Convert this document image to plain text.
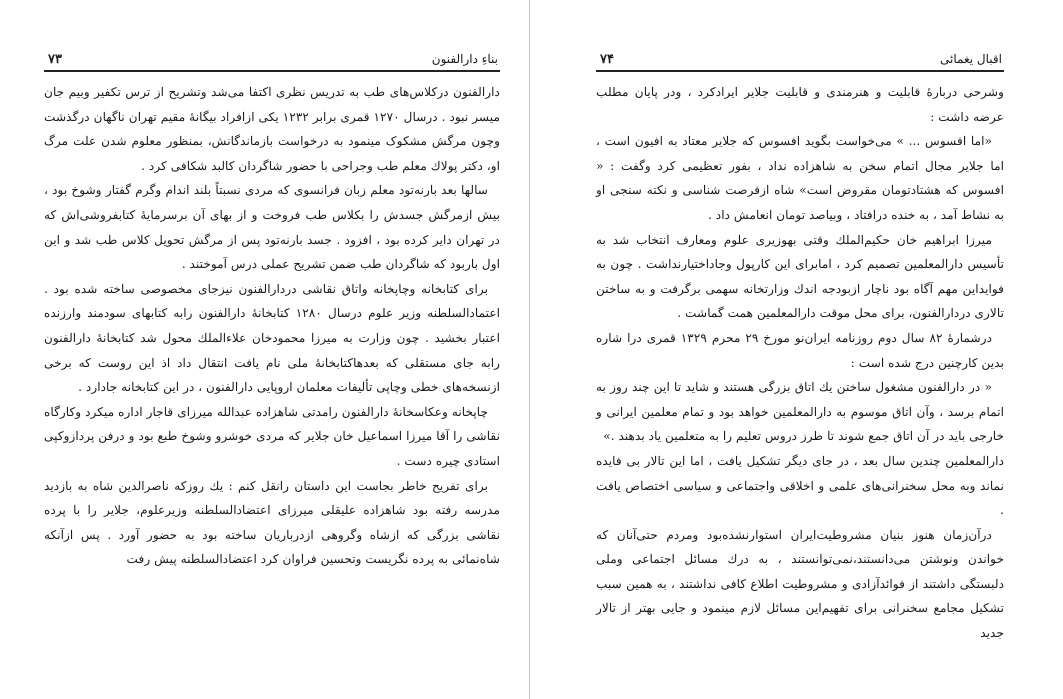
بناءِ دارالفنون
۷۳

دارالفنون درکلاس‌های طب به تدریس نظری اکتفا می‌شد وتشریح از ترس تکفیر وبیم جان میسر نبود . درسال ۱۲۷۰ قمری برابر ۱۲۳۲ یکی ازافراد بیگانهٔ مقیم تهران ناگهان درگذشت وچون مرگش مشکوک مینمود به درخواست بازماندگانش، بمنظور معلوم شدن علت مرگ او، دکتر پولاك معلم طب وجراحی با حضور شاگردان کالبد شکافی کرد .

سالها بعد بارنه‌تود معلم زبان فرانسوی که مردی نسبتاً بلند اندام وگرم گفتار وشوخ بود ، بیش ازمرگش جسدش را بکلاس طب فروخت و از بهای آن برسرمایهٔ کتابفروشی‌اش که در تهران دایر کرده بود ، افزود . جسد بارنه‌تود پس از مرگش تحویل کلاس طب شد و این اول باربود که شاگردان طب ضمن تشریح عملی درس آموختند .

برای کتابخانه وچاپخانه واتاق نقاشی دردارالفنون نیزجای مخصوصی ساخته شده بود . اعتمادالسلطنه وزیر علوم درسال ۱۲۸۰ کتابخانهٔ دارالفنون رابه کتابهای سودمند وارزنده اعتبار بخشید . چون وزارت به میرزا محمودخان علاءالملك محول شد کتابخانهٔ دارالفنون رابه جای مستقلی که بعدهاکتابخانهٔ ملی نام یافت انتقال داد اذ این روست که برخی ازنسخه‌های خطی وچاپی تألیفات معلمان اروپایی دارالفنون ، در این کتابخانه جادارد .

چاپخانه وعکاسخانهٔ دارالفنون رامدتی شاهزاده عبدالله میرزای قاجار اداره میکرد وکارگاه نقاشی را آقا میرزا اسماعیل خان جلایر که مردی خوشرو وشوخ طبع بود و درفن پردازوکپی استادی چیره دست .

برای تفریح خاطر بجاست این داستان رانقل کنم : یك روزکه ناصرالدین شاه به بازدید مدرسه رفته بود شاهزاده علیقلی میرزای اعتضادالسلطنه وزیرعلوم، جلایر را با پرده نقاشی بزرگی که ازشاه وگروهی ازدرباریان ساخته بود به حضور آورد . پس ازآنکه شاه‌نمائی به پرده نگریست وتحسین فراوان کرد اعتضادالسلطنه پیش رفت

اقبال یغمائی
۷۴

وشرحی دربارهٔ قابلیت و هنرمندی و قابلیت جلایر ایرادکرد ، ودر پایان مطلب عرضه داشت :

«اما افسوس ... » می‌خواست بگوید افسوس که جلایر معتاد به افیون است ، اما جلایر مجال اتمام سخن به شاهزاده نداد ، بفور تعظیمی کرد وگفت : « افسوس که هشتادتومان مقروض است» شاه ازفرصت شناسی و نکته سنجی او به نشاط آمد ، به خنده درافتاد ، وبیاصد تومان انعامش داد .

میرزا ابراهیم خان حکیم‌الملك وقتی بهوزیری علوم ومعارف انتخاب شد به تأسیس دارالمعلمین تصمیم کرد ، امابرای این کارپول وجاداختیارنداشت . چون به فوایداین مهم آگاه بود ناچار ازبودجه اندك وزارتخانه سهمی برگرفت و به ساختن تالاری دردارالفنون، برای محل موقت دارالمعلمین همت گماشت .

درشمارهٔ ۸۲ سال دوم روزنامه ایران‌نو مورخ ۲۹ محرم ۱۳۲۹ قمری درا شاره بدین کارچنین درج شده است :

« در دارالفنون مشغول ساختن یك اتاق بزرگی هستند و شاید تا این چند روز به اتمام برسد ، وآن اتاق موسوم به دارالمعلمین خواهد بود و تمام معلمین ایرانی و خارجی باید در آن اتاق جمع شوند تا طرز دروس تعلیم را به متعلمین یاد بدهند .»

دارالمعلمین چندین سال بعد ، در جای دیگر تشکیل یافت ، اما این تالار بی فایده نماند وبه محل سخنرانی‌های علمی و اخلاقی واجتماعی و سیاسی اختصاص یافت .

درآن‌زمان هنوز بنیان مشروطیت‌ایران استوارنشده‌بود ومردم حتی‌آنان که خواندن ونوشتن می‌دانستند،نمی‌توانستند ، به درك مسائل اجتماعی وملی دلبستگی داشتند از فوائدآزادی و مشروطیت اطلاع کافی نداشتند ، به همین سبب تشکیل مجامع سخنرانی برای تفهیم‌این مسائل لازم مینمود و جایی بهتر از تالار جدید
